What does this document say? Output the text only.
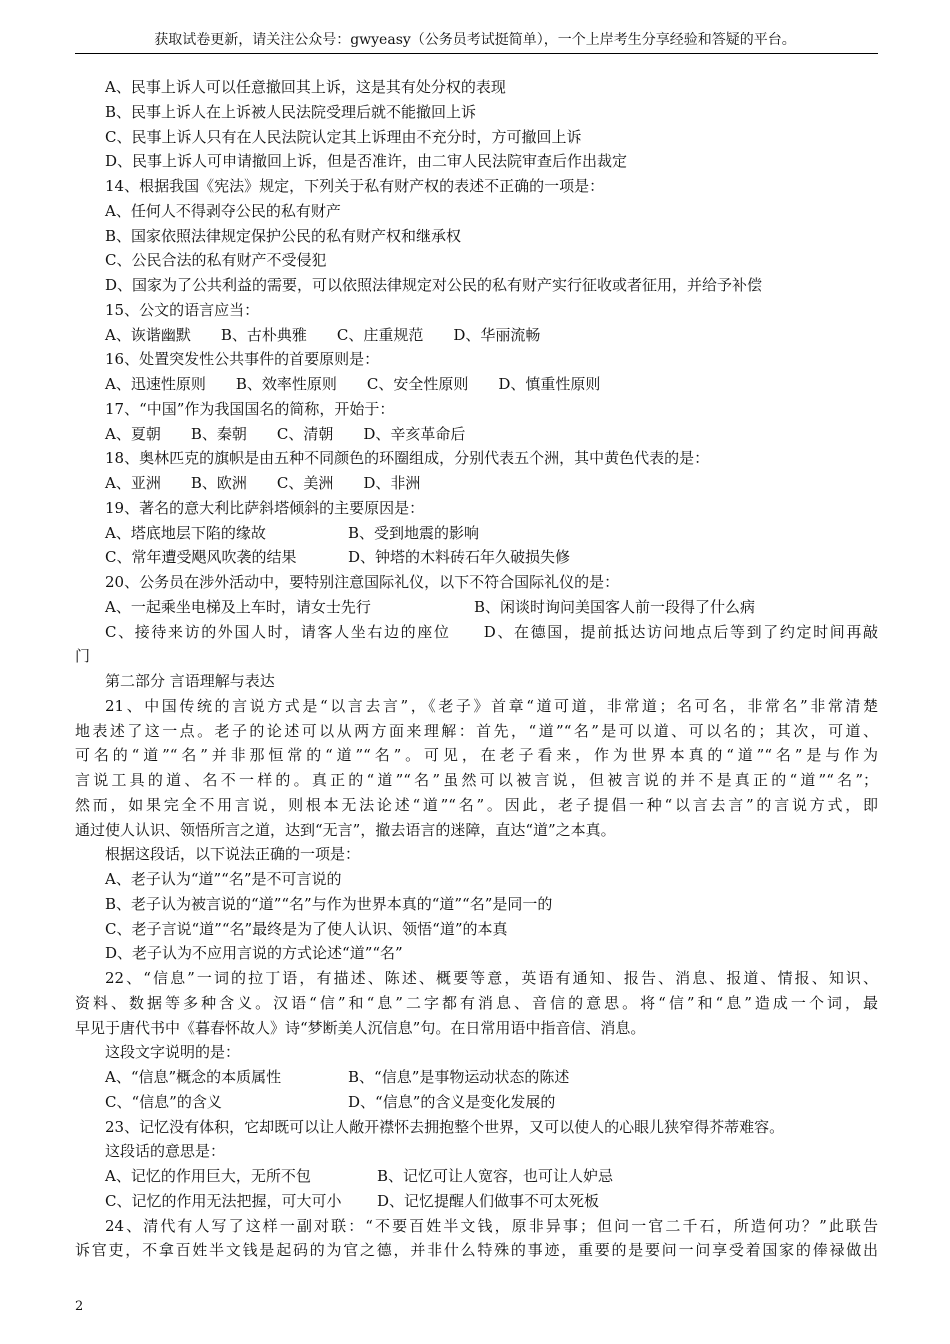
获取试卷更新，请关注公众号：gwyeasy（公务员考试挺简单），一个上岸考生分享经验和答疑的平台。
A、民事上诉人可以任意撤回其上诉，这是其有处分权的表现
B、民事上诉人在上诉被人民法院受理后就不能撤回上诉
C、民事上诉人只有在人民法院认定其上诉理由不充分时，方可撤回上诉
D、民事上诉人可申请撤回上诉，但是否准许，由二审人民法院审查后作出裁定
14、根据我国《宪法》规定，下列关于私有财产权的表述不正确的一项是：
A、任何人不得剥夺公民的私有财产
B、国家依照法律规定保护公民的私有财产权和继承权
C、公民合法的私有财产不受侵犯
D、国家为了公共利益的需要，可以依照法律规定对公民的私有财产实行征收或者征用，并给予补偿
15、公文的语言应当：
A、诙谐幽默　　B、古朴典雅　　C、庄重规范　　D、华丽流畅
16、处置突发性公共事件的首要原则是：
A、迅速性原则　　B、效率性原则　　C、安全性原则　　D、慎重性原则
17、“中国”作为我国国名的简称，开始于：
A、夏朝　　B、秦朝　　C、清朝　　D、辛亥革命后
18、奥林匹克的旗帜是由五种不同颜色的环圈组成，分别代表五个洲，其中黄色代表的是：
A、亚洲　　B、欧洲　　C、美洲　　D、非洲
19、著名的意大利比萨斜塔倾斜的主要原因是：
A、塔底地层下陷的缘故	B、受到地震的影响
C、常年遭受飓风吹袭的结果	D、钟塔的木料砖石年久破损失修
20、公务员在涉外活动中，要特别注意国际礼仪，以下不符合国际礼仪的是：
A、一起乘坐电梯及上车时，请女士先行	B、闲谈时询问美国客人前一段得了什么病
C、接待来访的外国人时，请客人坐右边的座位　　D、在德国，提前抵达访问地点后等到了约定时间再敲
门
第二部分 言语理解与表达
21、中国传统的言说方式是“以言去言”，《老子》首章“道可道，非常道；名可名，非常名”非常清楚
地表述了这一点。老子的论述可以从两方面来理解：首先，“道”“名”是可以道、可以名的；其次，可道、
可名的“道”“名”并非那恒常的“道”“名”。可见，在老子看来，作为世界本真的“道”“名”是与作为
言说工具的道、名不一样的。真正的“道”“名”虽然可以被言说，但被言说的并不是真正的“道”“名”；
然而，如果完全不用言说，则根本无法论述“道”“名”。因此，老子提倡一种“以言去言”的言说方式，即
通过使人认识、领悟所言之道，达到“无言”，撤去语言的迷障，直达“道”之本真。
根据这段话，以下说法正确的一项是：
A、老子认为“道”“名”是不可言说的
B、老子认为被言说的“道”“名”与作为世界本真的“道”“名”是同一的
C、老子言说“道”“名”最终是为了使人认识、领悟“道”的本真
D、老子认为不应用言说的方式论述“道”“名”
22、“信息”一词的拉丁语，有描述、陈述、概要等意，英语有通知、报告、消息、报道、情报、知识、
资料、数据等多种含义。汉语“信”和“息”二字都有消息、音信的意思。将“信”和“息”造成一个词，最
早见于唐代书中《暮春怀故人》诗“梦断美人沉信息”句。在日常用语中指音信、消息。
这段文字说明的是：
A、“信息”概念的本质属性	B、“信息”是事物运动状态的陈述
C、“信息”的含义	D、“信息”的含义是变化发展的
23、记忆没有体积，它却既可以让人敞开襟怀去拥抱整个世界，又可以使人的心眼儿狭窄得芥蒂难容。
这段话的意思是：
A、记忆的作用巨大，无所不包	B、记忆可让人宽容，也可让人妒忌
C、记忆的作用无法把握，可大可小 D、记忆提醒人们做事不可太死板
24、清代有人写了这样一副对联：“不要百姓半文钱，原非异事；但问一官二千石，所造何功？”此联告
诉官吏，不拿百姓半文钱是起码的为官之德，并非什么特殊的事迹，重要的是要问一问享受着国家的俸禄做出
2
